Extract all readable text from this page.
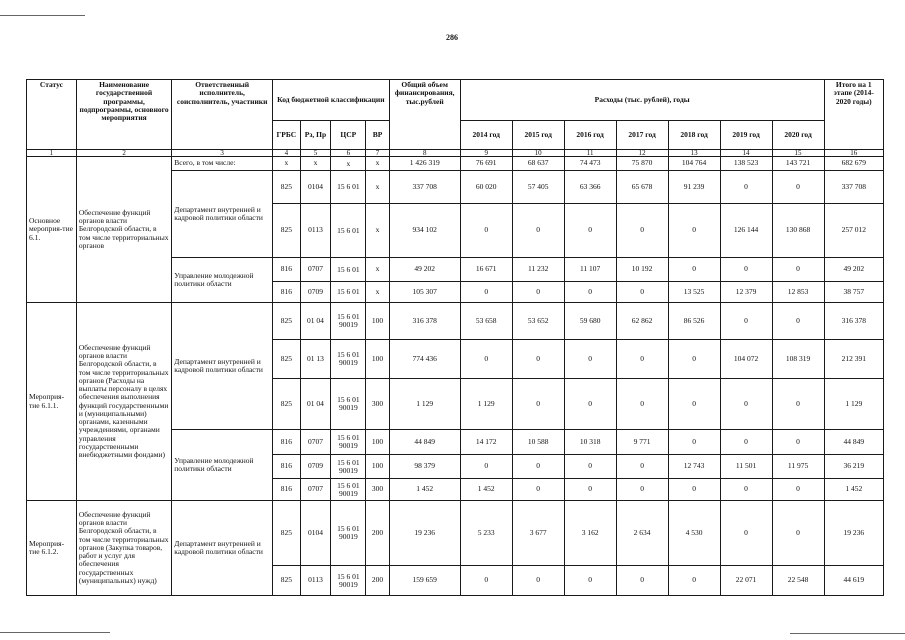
286
Статус	Наименование государственной программы, подпрограммы, основного мероприятия	Ответственный исполнитель, соисполнитель, участники	Код бюджетной классификации				Общий объем финансирования, тыс.рублей	Расходы (тыс. рублей), годы							Итого на 1 этапе (2014-2020 годы)
			ГРБС	Рз, Пр	ЦСР	ВР		2014 год	2015 год	2016 год	2017 год	2018 год	2019 год	2020 год	
1	2	3	4	5	6	7	8	9	10	11	12	13	14	15	16
Основное мероприя-тие 6.1.	Обеспечение функций органов власти Белгородской области, в том числе территориальных органов	Всего, в том числе:	х	х	х	х	1 426 319	76 691	68 637	74 473	75 870	104 764	138 523	143 721	682 679
		Департамент внутренней и кадровой политики области	825	0104	15 6 01	х	337 708	60 020	57 405	63 366	65 678	91 239	0	0	337 708
			825	0113	15 6 01	х	934 102	0	0	0	0	0	126 144	130 868	257 012
		Управление молодежной политики области	816	0707	15 6 01	х	49 202	16 671	11 232	11 107	10 192	0	0	0	49 202
			816	0709	15 6 01	х	105 307	0	0	0	0	13 525	12 379	12 853	38 757
Мероприя-тие 6.1.1.	Обеспечение функций органов власти Белгородской области, в том числе территориальных органов (Расходы на выплаты персоналу в целях обеспечения выполнения функций государственными и (муниципальными) органами, казенными учреждениями, органами управления государственными внебюджетными фондами)	Департамент внутренней и кадровой политики области	825	01 04	15 6 01 90019	100	316 378	53 658	53 652	59 680	62 862	86 526	0	0	316 378
			825	01 13	15 6 01 90019	100	774 436	0	0	0	0	0	104 072	108 319	212 391
			825	01 04	15 6 01 90019	300	1 129	1 129	0	0	0	0	0	0	1 129
		Управление молодежной политики области	816	0707	15 6 01 90019	100	44 849	14 172	10 588	10 318	9 771	0	0	0	44 849
			816	0709	15 6 01 90019	100	98 379	0	0	0	0	12 743	11 501	11 975	36 219
			816	0707	15 6 01 90019	300	1 452	1 452	0	0	0	0	0	0	1 452
Мероприя-тие 6.1.2.	Обеспечение функций органов власти Белгородской области, в том числе территориальных органов (Закупка товаров, работ и услуг для обеспечения государственных (муниципальных) нужд)	Департамент внутренней и кадровой политики области	825	0104	15 6 01 90019	200	19 236	5 233	3 677	3 162	2 634	4 530	0	0	19 236
			825	0113	15 6 01 90019	200	159 659	0	0	0	0	0	22 071	22 548	44 619
